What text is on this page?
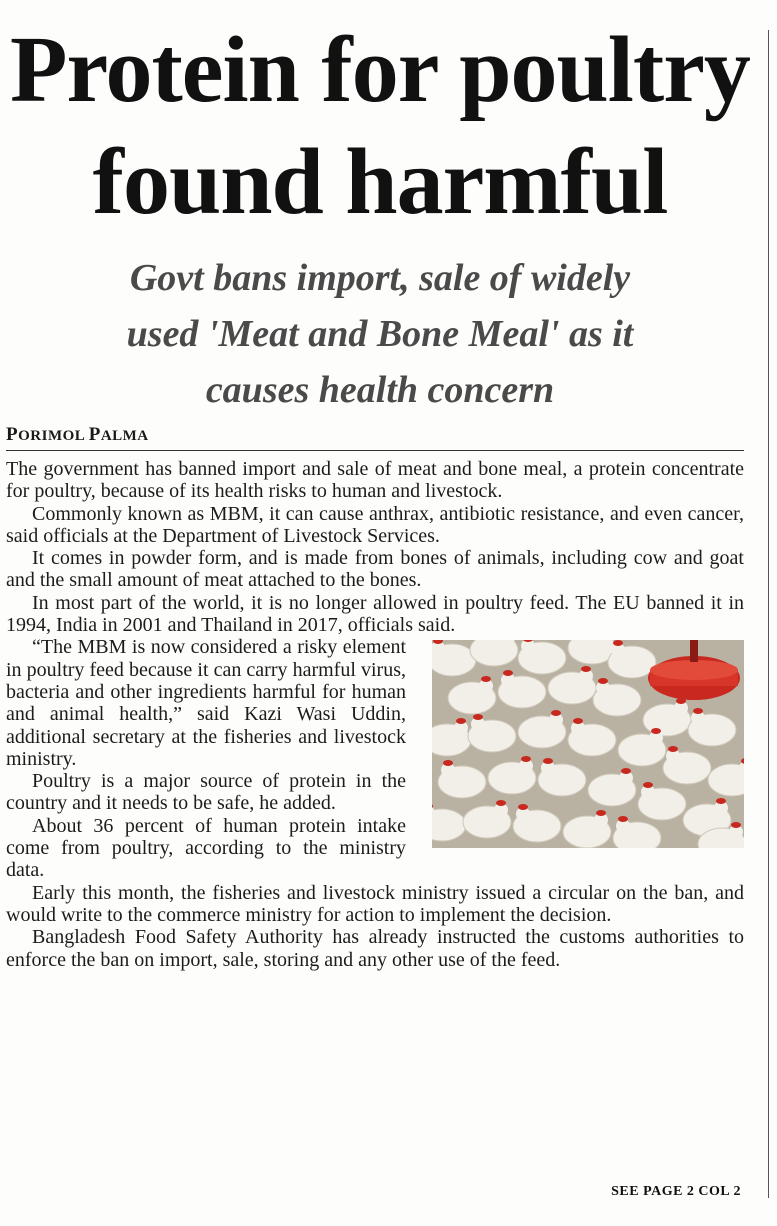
Protein for poultry
found harmful
Govt bans import, sale of widely
used 'Meat and Bone Meal' as it
causes health concern
PORIMOL PALMA

The government has banned import and sale of meat and bone meal, a protein concentrate for poultry, because of its health risks to human and livestock.

Commonly known as MBM, it can cause anthrax, antibiotic resistance, and even cancer, said officials at the Department of Livestock Services.

It comes in powder form, and is made from bones of animals, including cow and goat and the small amount of meat attached to the bones.

In most part of the world, it is no longer allowed in poultry feed. The EU banned it in 1994, India in 2001 and Thailand in 2017, officials said.

“The MBM is now considered a risky element in poultry feed because it can carry harmful virus, bacteria and other ingredients harmful for human and animal health,” said Kazi Wasi Uddin, additional secretary at the fisheries and livestock ministry.

Poultry is a major source of protein in the country and it needs to be safe, he added.

About 36 percent of human protein intake come from poultry, according to the ministry data.

Early this month, the fisheries and livestock ministry issued a circular on the ban, and would write to the commerce ministry for action to implement the decision.

Bangladesh Food Safety Authority has already instructed the customs authorities to enforce the ban on import, sale, storing and any other use of the feed.

SEE PAGE 2 COL 2
